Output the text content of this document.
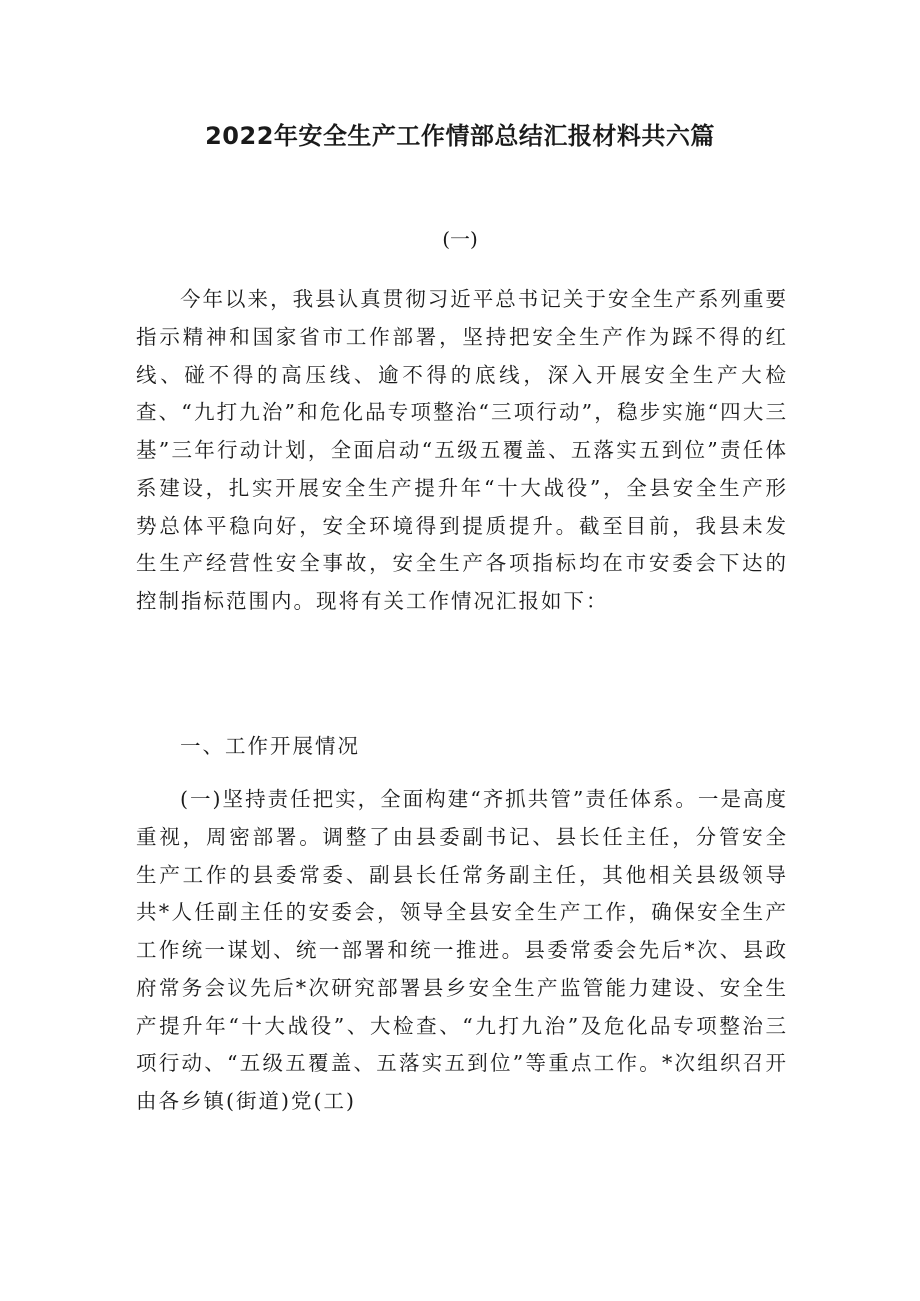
2022年安全生产工作情部总结汇报材料共六篇
(一)

今年以来，我县认真贯彻习近平总书记关于安全生产系列重要指示精神和国家省市工作部署，坚持把安全生产作为踩不得的红线、碰不得的高压线、逾不得的底线，深入开展安全生产大检查、“九打九治”和危化品专项整治“三项行动”，稳步实施“四大三基”三年行动计划，全面启动“五级五覆盖、五落实五到位”责任体系建设，扎实开展安全生产提升年“十大战役”，全县安全生产形势总体平稳向好，安全环境得到提质提升。截至目前，我县未发生生产经营性安全事故，安全生产各项指标均在市安委会下达的控制指标范围内。现将有关工作情况汇报如下：

一、工作开展情况

(一)坚持责任把实，全面构建“齐抓共管”责任体系。一是高度重视，周密部署。调整了由县委副书记、县长任主任，分管安全生产工作的县委常委、副县长任常务副主任，其他相关县级领导共*人任副主任的安委会，领导全县安全生产工作，确保安全生产工作统一谋划、统一部署和统一推进。县委常委会先后*次、县政府常务会议先后*次研究部署县乡安全生产监管能力建设、安全生产提升年“十大战役”、大检查、“九打九治”及危化品专项整治三项行动、“五级五覆盖、五落实五到位”等重点工作。*次组织召开由各乡镇(街道)党(工)
